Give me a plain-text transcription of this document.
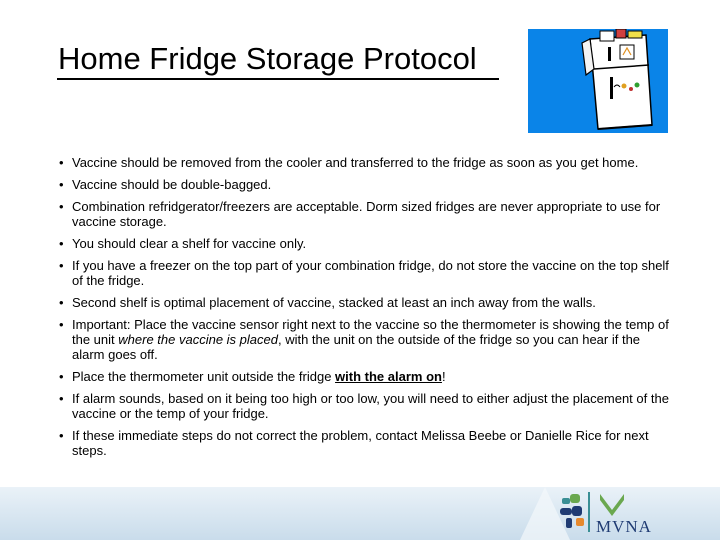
Home Fridge Storage Protocol
• Vaccine should be removed from the cooler and transferred to the fridge as soon as you get home.
• Vaccine should be double-bagged.
• Combination refridgerator/freezers are acceptable. Dorm sized fridges are never appropriate to use for vaccine storage.
• You should clear a shelf for vaccine only.
• If you have a freezer on the top part of your combination fridge, do not store the vaccine on the top shelf of the fridge.
• Second shelf is optimal placement of vaccine, stacked at least an inch away from the walls.
• Important: Place the vaccine sensor right next to the vaccine so the thermometer is showing the temp of the unit where the vaccine is placed, with the unit on the outside of the fridge so you can hear if the alarm goes off.
• Place the thermometer unit outside the fridge with the alarm on!
• If alarm sounds, based on it being too high or too low, you will need to either adjust the placement of the vaccine or the temp of your fridge.
• If these immediate steps do not correct the problem, contact Melissa Beebe or Danielle Rice for next steps.
MVNA
